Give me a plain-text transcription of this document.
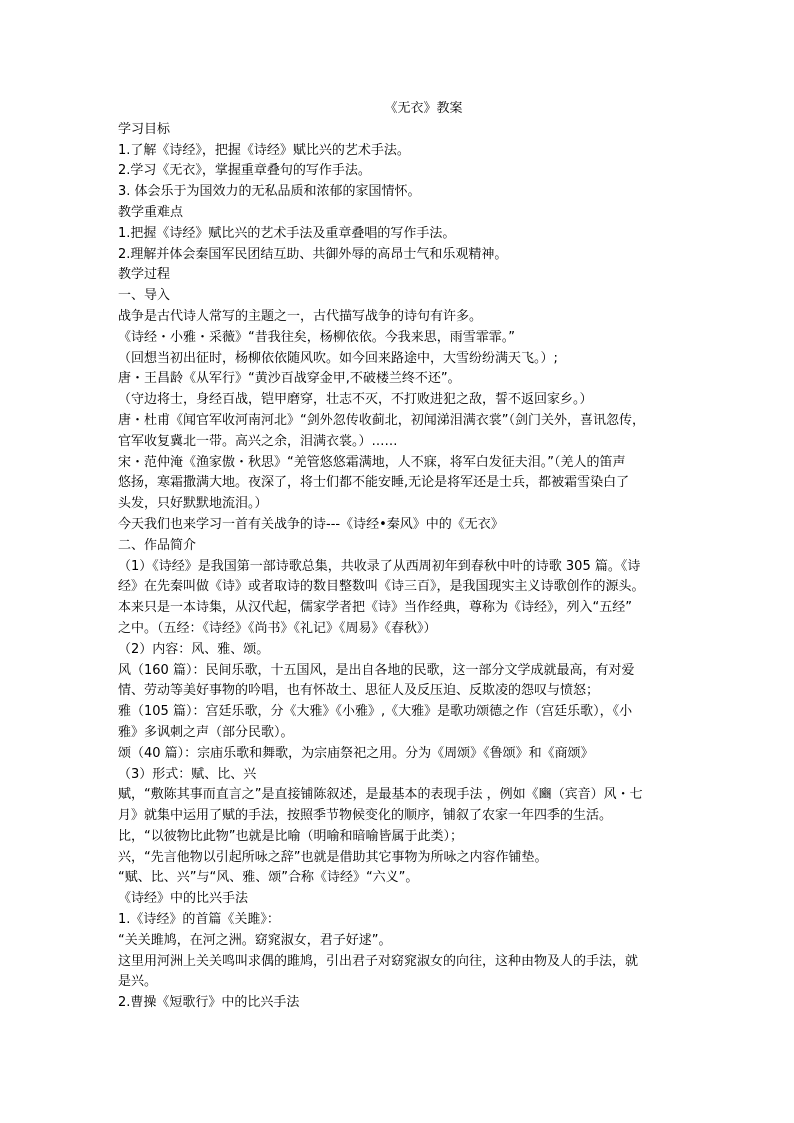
《无衣》教案

学习目标

1.了解《诗经》，把握《诗经》赋比兴的艺术手法。

2.学习《无衣》，掌握重章叠句的写作手法。

3. 体会乐于为国效力的无私品质和浓郁的家国情怀。

教学重难点

1.把握《诗经》赋比兴的艺术手法及重章叠唱的写作手法。

2.理解并体会秦国军民团结互助、共御外辱的高昂士气和乐观精神。

教学过程

一、导入

战争是古代诗人常写的主题之一，古代描写战争的诗句有许多。

《诗经・小雅・采薇》“昔我往矣，杨柳依依。今我来思，雨雪霏霏。”

（回想当初出征时，杨柳依依随风吹。如今回来路途中，大雪纷纷满天飞。）;

唐・王昌龄《从军行》“黄沙百战穿金甲,不破楼兰终不还”。

（守边将士，身经百战，铠甲磨穿，壮志不灭，不打败进犯之敌，誓不返回家乡。）

唐・杜甫《闻官军收河南河北》“剑外忽传收蓟北，初闻涕泪满衣裳”（剑门关外，喜讯忽传，

官军收复冀北一带。高兴之余，泪满衣裳。）……

宋・范仲淹《渔家傲・秋思》“羌管悠悠霜满地，人不寐，将军白发征夫泪。”（羌人的笛声

悠扬，寒霜撒满大地。夜深了，将士们都不能安睡,无论是将军还是士兵，都被霜雪染白了

头发，只好默默地流泪。）

今天我们也来学习一首有关战争的诗---《诗经•秦风》中的《无衣》

二、作品简介

（1）《诗经》是我国第一部诗歌总集，共收录了从西周初年到春秋中叶的诗歌 305 篇。《诗

经》在先秦叫做《诗》或者取诗的数目整数叫《诗三百》，是我国现实主义诗歌创作的源头。

本来只是一本诗集，从汉代起，儒家学者把《诗》当作经典，尊称为《诗经》，列入“五经”

之中。（五经：《诗经》《尚书》《礼记》《周易》《春秋》）

（2）内容：风、雅、颂。

风（160 篇）：民间乐歌，十五国风，是出自各地的民歌，这一部分文学成就最高，有对爱

情、劳动等美好事物的吟唱，也有怀故土、思征人及反压迫、反欺凌的怨叹与愤怒；

雅（105 篇）：宫廷乐歌，分《大雅》《小雅》,《大雅》是歌功颂德之作（宫廷乐歌），《小

雅》多讽刺之声（部分民歌）。

颂（40 篇）：宗庙乐歌和舞歌，为宗庙祭祀之用。分为《周颂》《鲁颂》和《商颂》

（3）形式：赋、比、兴

赋，“敷陈其事而直言之”是直接铺陈叙述，是最基本的表现手法 ，例如《豳（宾音）风・七

月》就集中运用了赋的手法，按照季节物候变化的顺序，铺叙了农家一年四季的生活。

比，“以彼物比此物”也就是比喻（明喻和暗喻皆属于此类）；

兴，“先言他物以引起所咏之辞”也就是借助其它事物为所咏之内容作铺垫。

“赋、比、兴”与“风、雅、颂”合称《诗经》“六义”。

《诗经》中的比兴手法

1.《诗经》的首篇《关雎》：

“关关雎鸠，在河之洲。窈窕淑女，君子好逑”。

这里用河洲上关关鸣叫求偶的雎鸠，引出君子对窈窕淑女的向往，这种由物及人的手法，就

是兴。

2.曹操《短歌行》中的比兴手法
